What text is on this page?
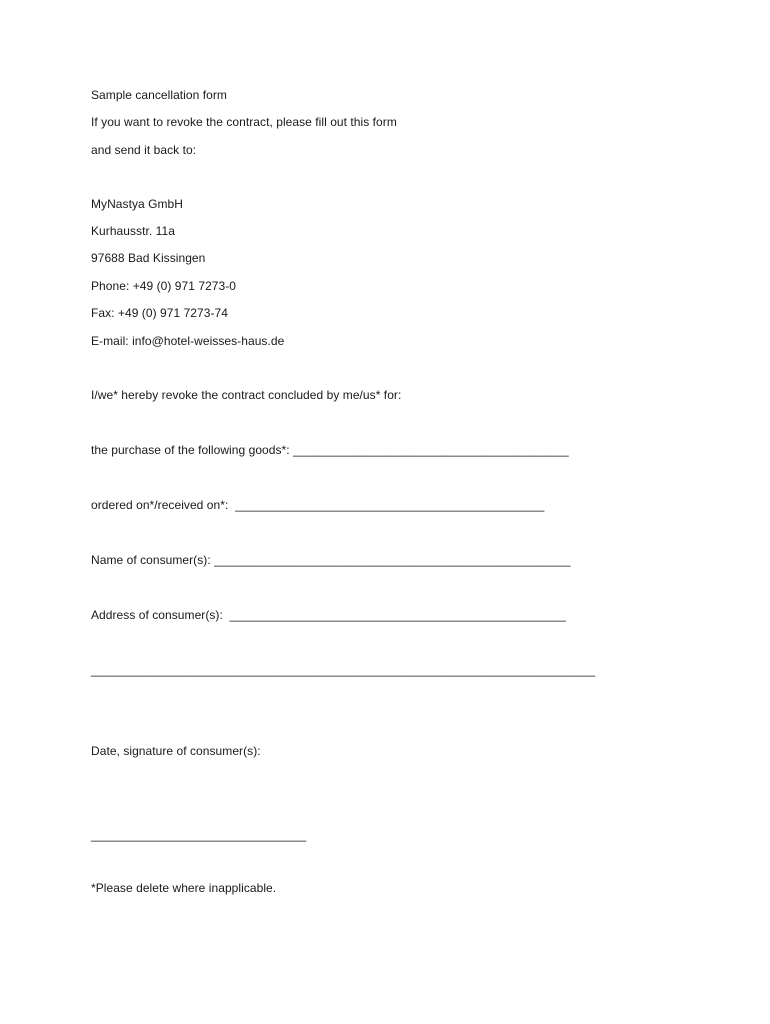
Sample cancellation form
If you want to revoke the contract, please fill out this form
and send it back to:
MyNastya GmbH
Kurhausstr. 11a
97688 Bad Kissingen
Phone: +49 (0) 971 7273-0
Fax: +49 (0) 971 7273-74
E-mail: info@hotel-weisses-haus.de
I/we* hereby revoke the contract concluded by me/us* for:
the purchase of the following goods*: _________________________________________
ordered on*/received on*:  ______________________________________________
Name of consumer(s): _____________________________________________________
Address of consumer(s):  __________________________________________________
___________________________________________________________________________
Date, signature of consumer(s):
________________________________
*Please delete where inapplicable.
